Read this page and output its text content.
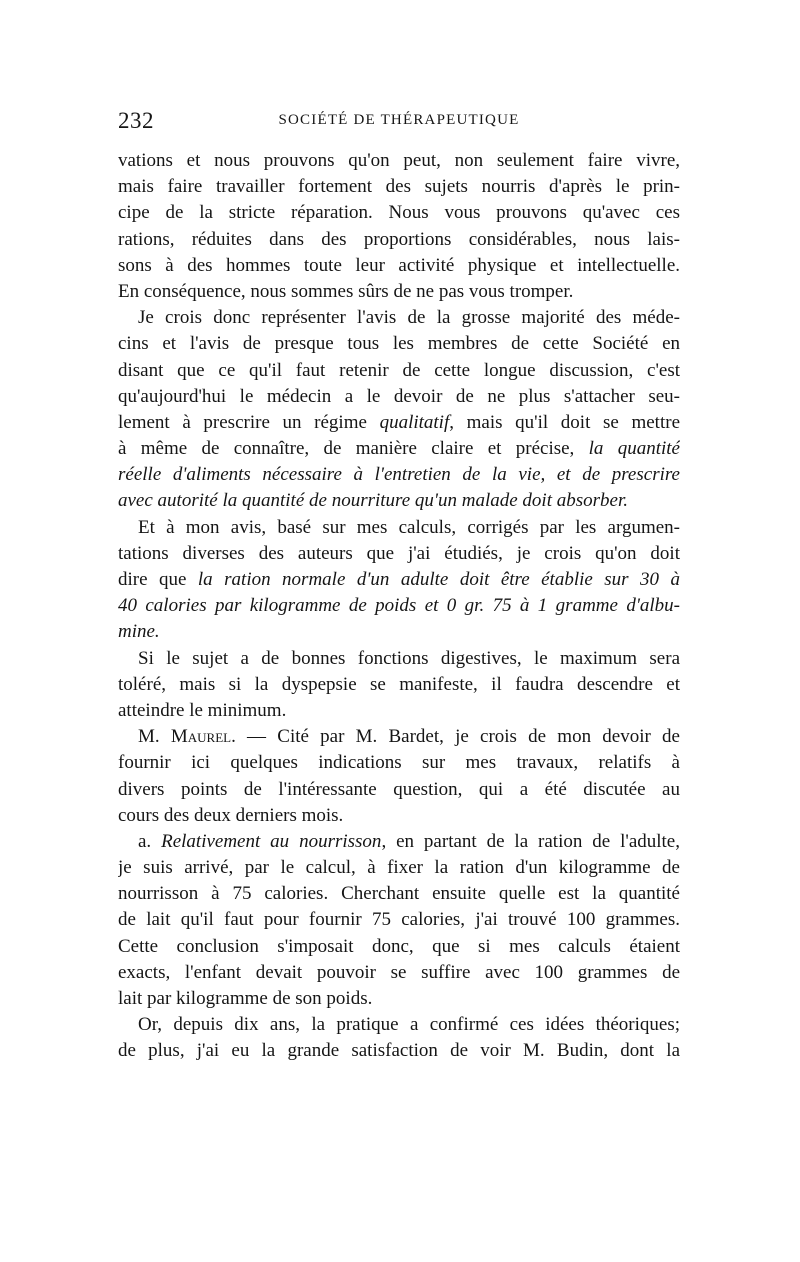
232	SOCIÉTÉ DE THÉRAPEUTIQUE
vations et nous prouvons qu'on peut, non seulement faire vivre,
mais faire travailler fortement des sujets nourris d'après le prin-
cipe de la stricte réparation. Nous vous prouvons qu'avec ces
rations, réduites dans des proportions considérables, nous lais-
sons à des hommes toute leur activité physique et intellectuelle.
En conséquence, nous sommes sûrs de ne pas vous tromper.
Je crois donc représenter l'avis de la grosse majorité des méde-
cins et l'avis de presque tous les membres de cette Société en
disant que ce qu'il faut retenir de cette longue discussion, c'est
qu'aujourd'hui le médecin a le devoir de ne plus s'attacher seu-
lement à prescrire un régime qualitatif, mais qu'il doit se mettre
à même de connaître, de manière claire et précise, la quantité
réelle d'aliments nécessaire à l'entretien de la vie, et de prescrire
avec autorité la quantité de nourriture qu'un malade doit absorber.
Et à mon avis, basé sur mes calculs, corrigés par les argumen-
tations diverses des auteurs que j'ai étudiés, je crois qu'on doit
dire que la ration normale d'un adulte doit être établie sur 30 à
40 calories par kilogramme de poids et 0 gr. 75 à 1 gramme d'albu-
mine.
Si le sujet a de bonnes fonctions digestives, le maximum sera
toléré, mais si la dyspepsie se manifeste, il faudra descendre et
atteindre le minimum.
M. Maurel. — Cité par M. Bardet, je crois de mon devoir de
fournir ici quelques indications sur mes travaux, relatifs à
divers points de l'intéressante question, qui a été discutée au
cours des deux derniers mois.
a. Relativement au nourrisson, en partant de la ration de l'adulte,
je suis arrivé, par le calcul, à fixer la ration d'un kilogramme de
nourrisson à 75 calories. Cherchant ensuite quelle est la quantité
de lait qu'il faut pour fournir 75 calories, j'ai trouvé 100 grammes.
Cette conclusion s'imposait donc, que si mes calculs étaient
exacts, l'enfant devait pouvoir se suffire avec 100 grammes de
lait par kilogramme de son poids.
Or, depuis dix ans, la pratique a confirmé ces idées théoriques;
de plus, j'ai eu la grande satisfaction de voir M. Budin, dont la
